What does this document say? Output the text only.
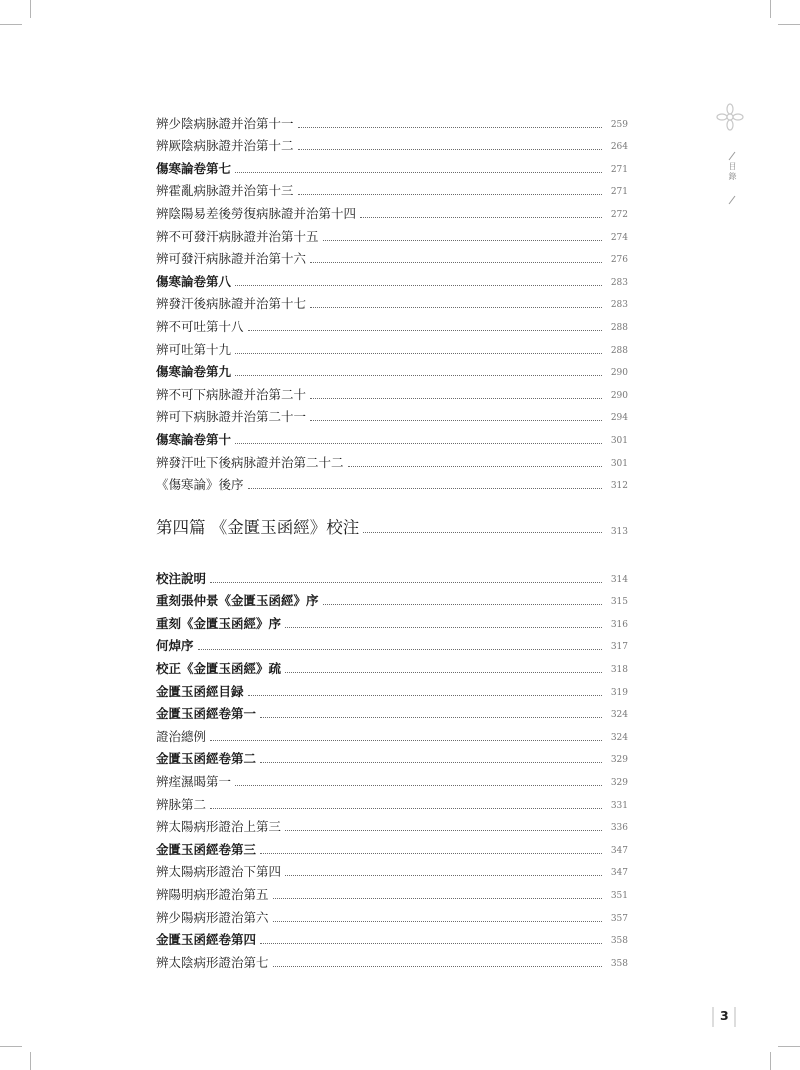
目錄
辨少陰病脉證并治第十一	259
辨厥陰病脉證并治第十二	264
傷寒論卷第七	271
辨霍亂病脉證并治第十三	271
辨陰陽易差後勞復病脉證并治第十四	272
辨不可發汗病脉證并治第十五	274
辨可發汗病脉證并治第十六	276
傷寒論卷第八	283
辨發汗後病脉證并治第十七	283
辨不可吐第十八	288
辨可吐第十九	288
傷寒論卷第九	290
辨不可下病脉證并治第二十	290
辨可下病脉證并治第二十一	294
傷寒論卷第十	301
辨發汗吐下後病脉證并治第二十二	301
《傷寒論》後序	312
第四篇 《金匱玉函經》校注	313
校注說明	314
重刻張仲景《金匱玉函經》序	315
重刻《金匱玉函經》序	316
何焯序	317
校正《金匱玉函經》疏	318
金匱玉函經目録	319
金匱玉函經卷第一	324
證治總例	324
金匱玉函經卷第二	329
辨痓濕暍第一	329
辨脉第二	331
辨太陽病形證治上第三	336
金匱玉函經卷第三	347
辨太陽病形證治下第四	347
辨陽明病形證治第五	351
辨少陽病形證治第六	357
金匱玉函經卷第四	358
辨太陰病形證治第七	358
3
